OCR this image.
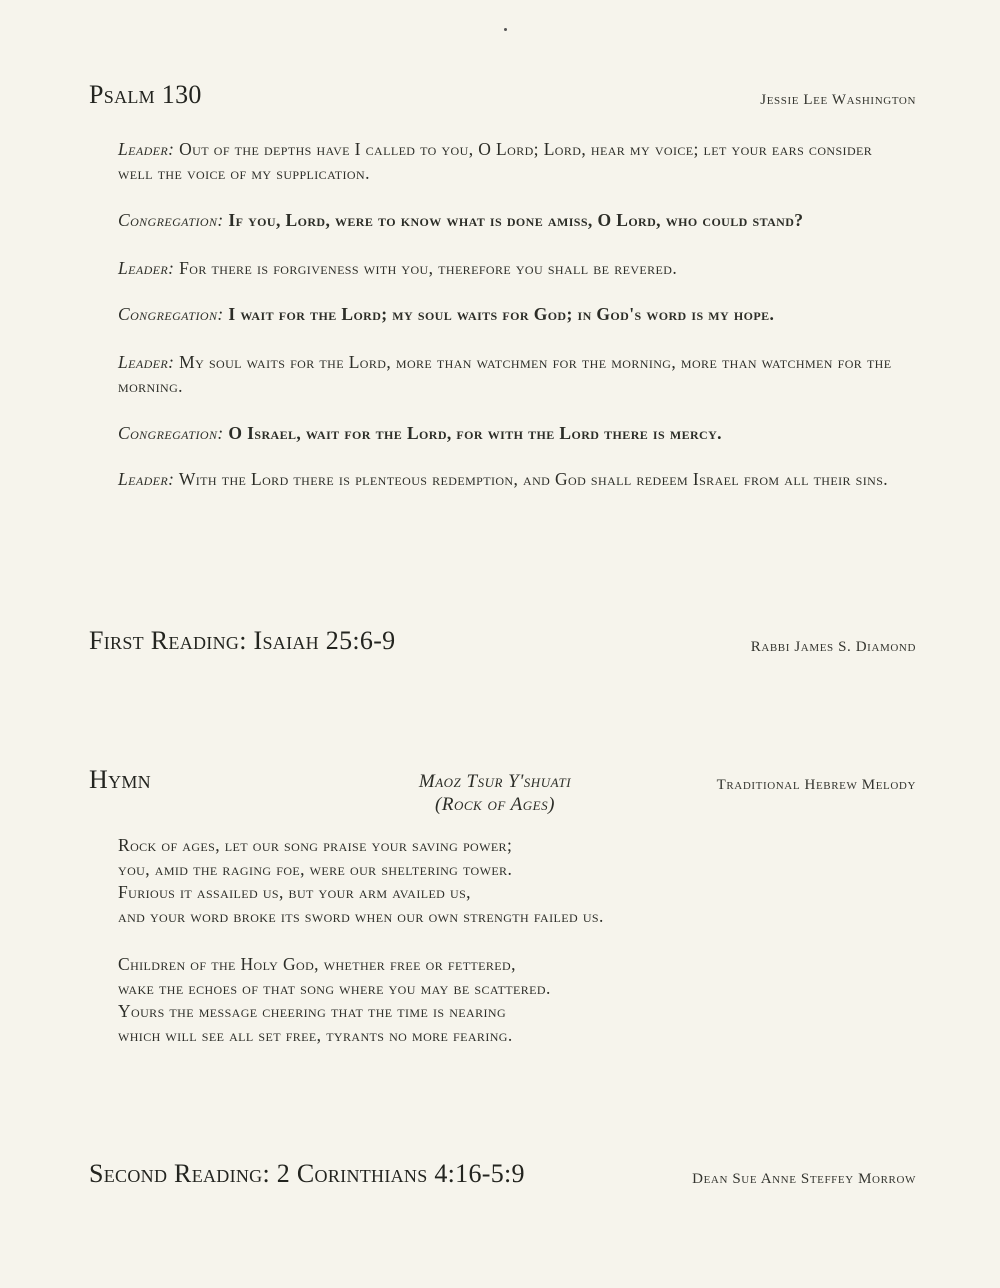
Psalm 130	Jessie Lee Washington

Leader: Out of the depths have I called to you, O Lord; Lord, hear my voice; let your ears consider well the voice of my supplication.

Congregation: If you, Lord, were to know what is done amiss, O Lord, who could stand?

Leader: For there is forgiveness with you, therefore you shall be revered.

Congregation: I wait for the Lord; my soul waits for God; in God's word is my hope.

Leader: My soul waits for the Lord, more than watchmen for the morning, more than watchmen for the morning.

Congregation: O Israel, wait for the Lord, for with the Lord there is mercy.

Leader: With the Lord there is plenteous redemption, and God shall redeem Israel from all their sins.

First Reading: Isaiah 25:6-9	Rabbi James S. Diamond
Hymn	Maoz Tsur Y'shuati
(Rock of Ages)
Traditional Hebrew Melody
Rock of ages, let our song praise your saving power;
you, amid the raging foe, were our sheltering tower.
Furious it assailed us, but your arm availed us,
and your word broke its sword when our own strength failed us.
Children of the Holy God, whether free or fettered,
wake the echoes of that song where you may be scattered.
Yours the message cheering that the time is nearing
which will see all set free, tyrants no more fearing.
Second Reading: 2 Corinthians 4:16-5:9	Dean Sue Anne Steffey Morrow
